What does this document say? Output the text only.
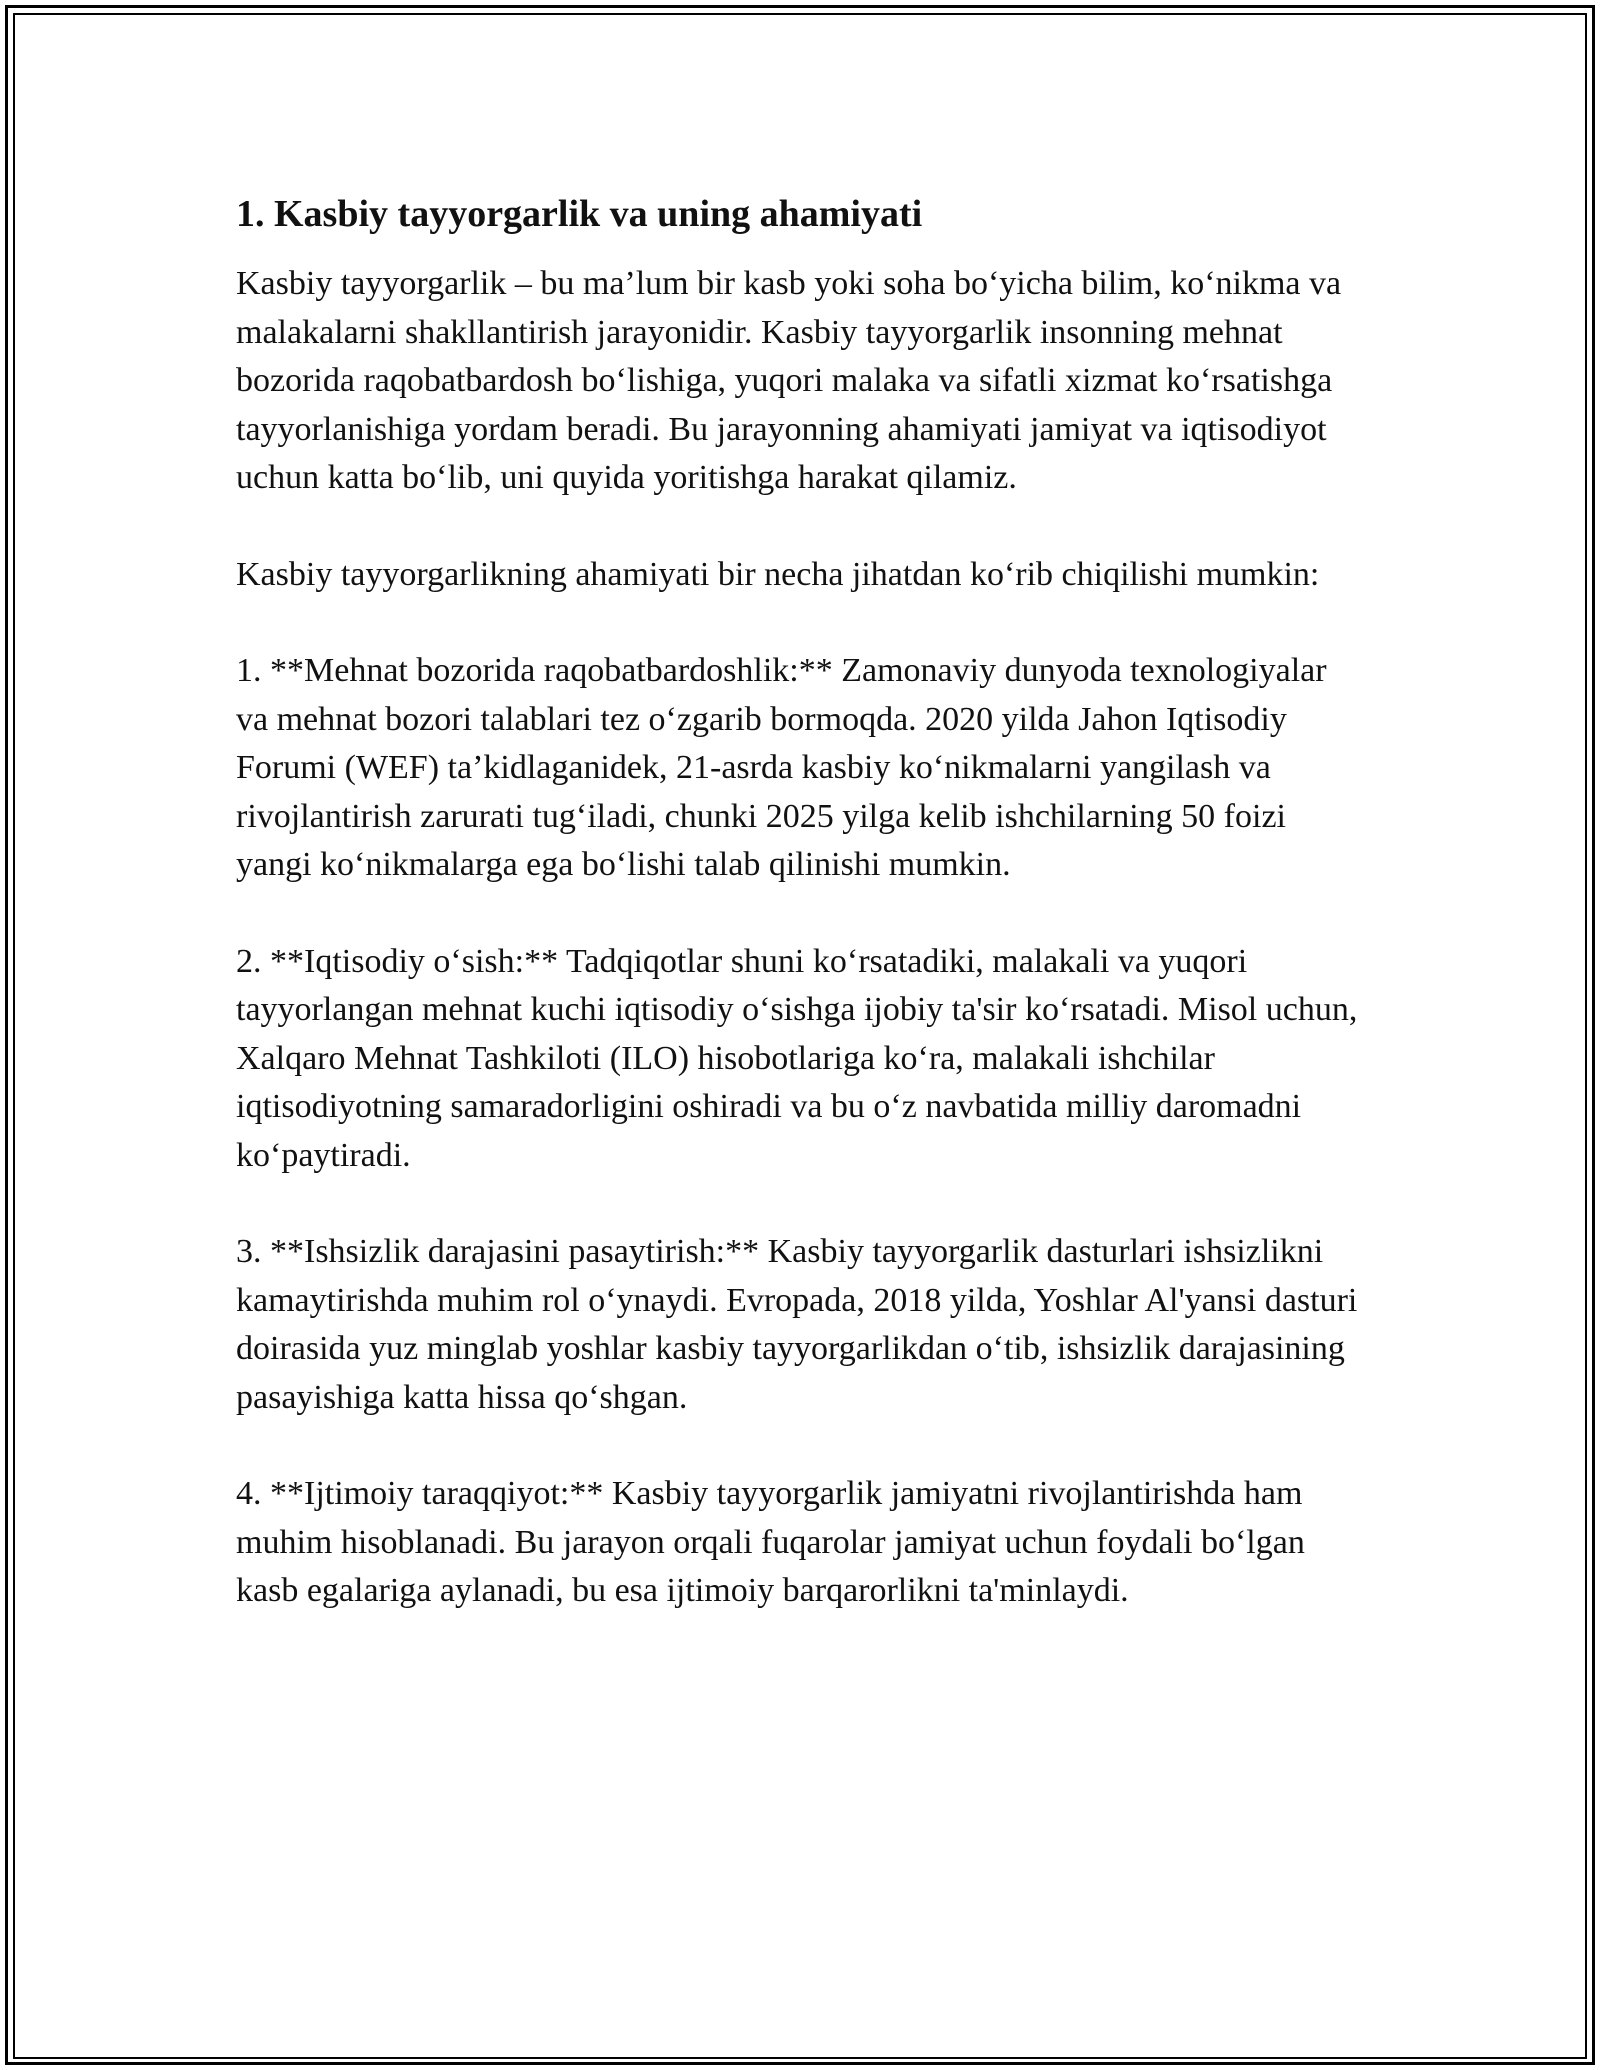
1. Kasbiy tayyorgarlik va uning ahamiyati

Kasbiy tayyorgarlik – bu ma’lum bir kasb yoki soha bo‘yicha bilim, ko‘nikma va malakalarni shakllantirish jarayonidir. Kasbiy tayyorgarlik insonning mehnat bozorida raqobatbardosh bo‘lishiga, yuqori malaka va sifatli xizmat ko‘rsatishga tayyorlanishiga yordam beradi. Bu jarayonning ahamiyati jamiyat va iqtisodiyot uchun katta bo‘lib, uni quyida yoritishga harakat qilamiz.

Kasbiy tayyorgarlikning ahamiyati bir necha jihatdan ko‘rib chiqilishi mumkin:

1. **Mehnat bozorida raqobatbardoshlik:** Zamonaviy dunyoda texnologiyalar va mehnat bozori talablari tez o‘zgarib bormoqda. 2020 yilda Jahon Iqtisodiy Forumi (WEF) ta’kidlaganidek, 21-asrda kasbiy ko‘nikmalarni yangilash va rivojlantirish zarurati tug‘iladi, chunki 2025 yilga kelib ishchilarning 50 foizi yangi ko‘nikmalarga ega bo‘lishi talab qilinishi mumkin.

2. **Iqtisodiy o‘sish:** Tadqiqotlar shuni ko‘rsatadiki, malakali va yuqori tayyorlangan mehnat kuchi iqtisodiy o‘sishga ijobiy ta'sir ko‘rsatadi. Misol uchun, Xalqaro Mehnat Tashkiloti (ILO) hisobotlariga ko‘ra, malakali ishchilar iqtisodiyotning samaradorligini oshiradi va bu o‘z navbatida milliy daromadni ko‘paytiradi.

3. **Ishsizlik darajasini pasaytirish:** Kasbiy tayyorgarlik dasturlari ishsizlikni kamaytirishda muhim rol o‘ynaydi. Evropada, 2018 yilda, Yoshlar Al'yansi dasturi doirasida yuz minglab yoshlar kasbiy tayyorgarlikdan o‘tib, ishsizlik darajasining pasayishiga katta hissa qo‘shgan.

4. **Ijtimoiy taraqqiyot:** Kasbiy tayyorgarlik jamiyatni rivojlantirishda ham muhim hisoblanadi. Bu jarayon orqali fuqarolar jamiyat uchun foydali bo‘lgan kasb egalariga aylanadi, bu esa ijtimoiy barqarorlikni ta'minlaydi.
